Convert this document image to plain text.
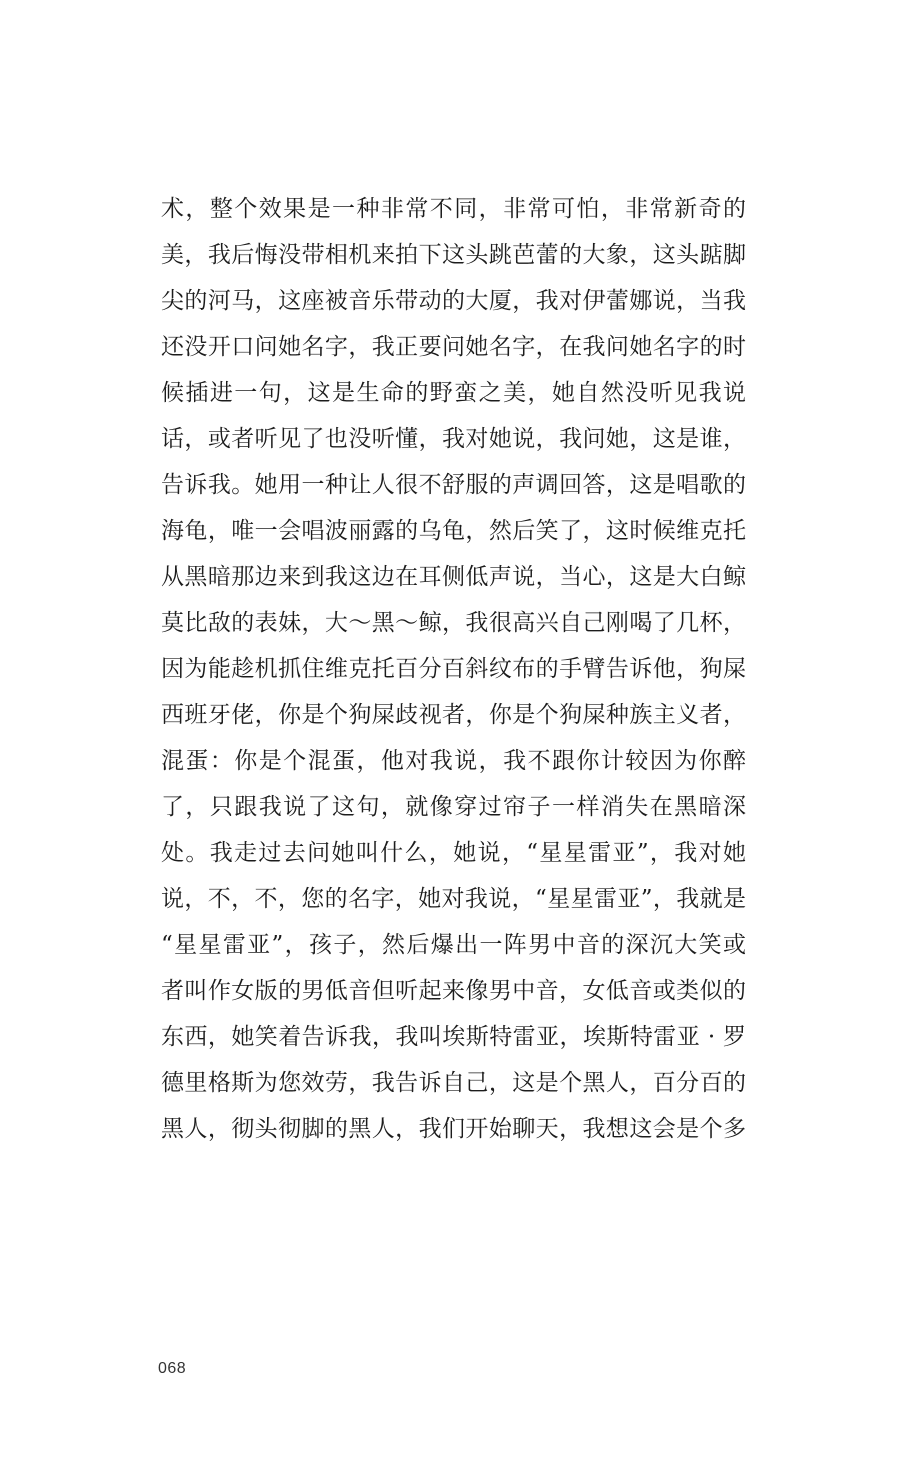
术，整个效果是一种非常不同，非常可怕，非常新奇的
美，我后悔没带相机来拍下这头跳芭蕾的大象，这头踮脚
尖的河马，这座被音乐带动的大厦，我对伊蕾娜说，当我
还没开口问她名字，我正要问她名字，在我问她名字的时
候插进一句，这是生命的野蛮之美，她自然没听见我说
话，或者听见了也没听懂，我对她说，我问她，这是谁，
告诉我。她用一种让人很不舒服的声调回答，这是唱歌的
海龟，唯一会唱波丽露的乌龟，然后笑了，这时候维克托
从黑暗那边来到我这边在耳侧低声说，当心，这是大白鲸
莫比敌的表妹，大～黑～鲸，我很高兴自己刚喝了几杯，
因为能趁机抓住维克托百分百斜纹布的手臂告诉他，狗屎
西班牙佬，你是个狗屎歧视者，你是个狗屎种族主义者，
混蛋：你是个混蛋，他对我说，我不跟你计较因为你醉
了，只跟我说了这句，就像穿过帘子一样消失在黑暗深
处。我走过去问她叫什么，她说，“星星雷亚”，我对她
说，不，不，您的名字，她对我说，“星星雷亚”，我就是
“星星雷亚”，孩子，然后爆出一阵男中音的深沉大笑或
者叫作女版的男低音但听起来像男中音，女低音或类似的
东西，她笑着告诉我，我叫埃斯特雷亚，埃斯特雷亚 · 罗
德里格斯为您效劳，我告诉自己，这是个黑人，百分百的
黑人，彻头彻脚的黑人，我们开始聊天，我想这会是个多
068
